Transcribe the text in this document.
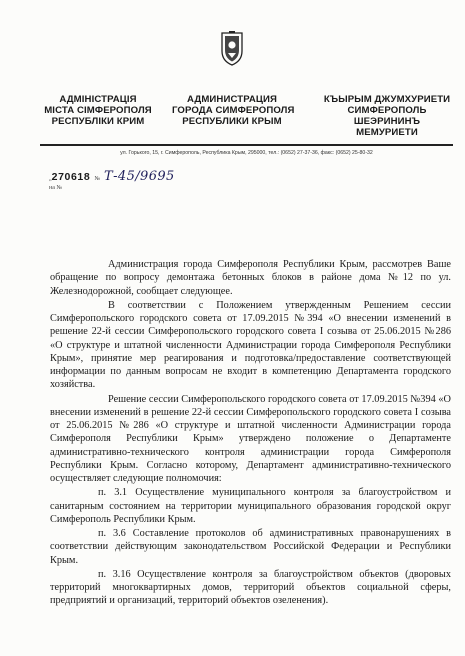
АДМІНІСТРАЦІЯ
МІСТА СІМФЕРОПОЛЯ
РЕСПУБЛІКИ КРИМ
АДМИНИСТРАЦИЯ
ГОРОДА СИМФЕРОПОЛЯ
РЕСПУБЛИКИ КРЫМ
КЪЫРЫМ ДЖУМХУРИЕТИ
СИМФЕРОПОЛЬ
ШЕЭРИНИНЪ
МЕМУРИЕТИ
ул. Горького, 15, г. Симферополь, Республика Крым, 295000, тел.: (0652) 27-37-36, факс: (0652) 25-80-32
„270618 № Т-45/9695
на №

Администрация города Симферополя Республики Крым, рассмотрев Ваше обращение по вопросу демонтажа бетонных блоков в районе дома №12 по ул. Железнодорожной, сообщает следующее.

В соответствии с Положением утвержденным Решением сессии Симферопольского городского совета от 17.09.2015 №394 «О внесении изменений в решение 22-й сессии Симферопольского городского совета I созыва от 25.06.2015 №286 «О структуре и штатной численности Администрации города Симферополя Республики Крым», принятие мер реагирования и подготовка/предоставление соответствующей информации по данным вопросам не входит в компетенцию Департамента городского хозяйства.

Решение сессии Симферопольского городского совета от 17.09.2015 №394 «О внесении изменений в решение 22-й сессии Симферопольского городского совета I созыва от 25.06.2015 №286 «О структуре и штатной численности Администрации города Симферополя Республики Крым» утверждено положение о Департаменте административно-технического контроля администрации города Симферополя Республики Крым. Согласно которому, Департамент административно-технического осуществляет следующие полномочия:

п. 3.1 Осуществление муниципального контроля за благоустройством и санитарным состоянием на территории муниципального образования городской округ Симферополь Республики Крым.

п. 3.6 Составление протоколов об административных правонарушениях в соответствии действующим законодательством Российской Федерации и Республики Крым.

п. 3.16 Осуществление контроля за благоустройством объектов (дворовых территорий многоквартирных домов, территорий объектов социальной сферы, предприятий и организаций, территорий объектов озеленения).
